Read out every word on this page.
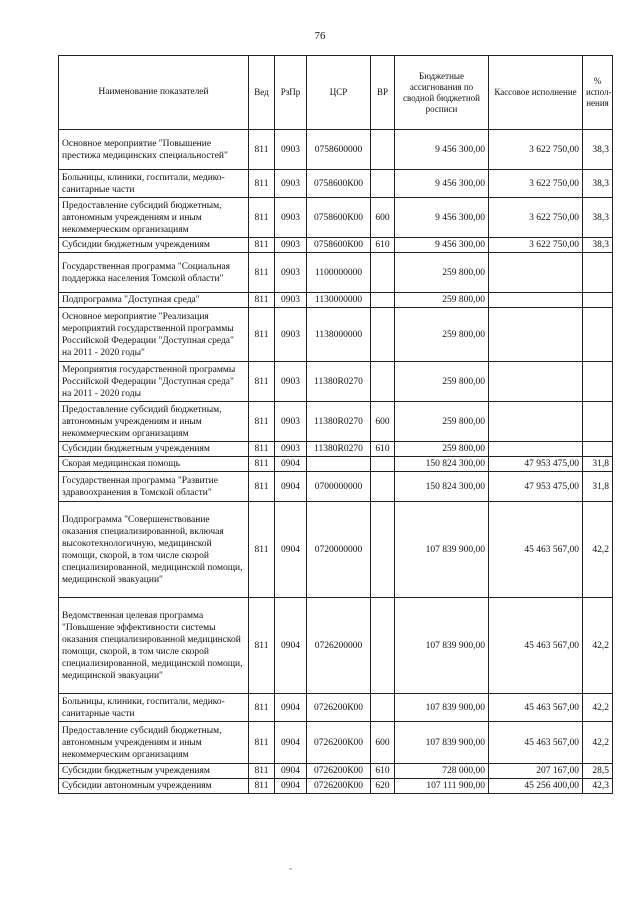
76
Наименование показателей	Вед	РзПр	ЦСР	ВР	Бюджетные ассигнования по сводной бюджетной росписи	Кассовое исполнение	% испол-нения
Основное мероприятие "Повышение престижа медицинских специальностей"	811	0903	0758600000		9 456 300,00	3 622 750,00	38,3
Больницы, клиники, госпитали, медико-санитарные части	811	0903	0758600К00		9 456 300,00	3 622 750,00	38,3
Предоставление субсидий бюджетным, автономным учреждениям и иным некоммерческим организациям	811	0903	0758600К00	600	9 456 300,00	3 622 750,00	38,3
Субсидии бюджетным учреждениям	811	0903	0758600К00	610	9 456 300,00	3 622 750,00	38,3
Государственная программа "Социальная поддержка населения Томской области"	811	0903	1100000000		259 800,00		
Подпрограмма "Доступная среда"	811	0903	1130000000		259 800,00		
Основное мероприятие "Реализация мероприятий государственной программы Российской Федерации "Доступная среда" на 2011 - 2020 годы"	811	0903	1138000000		259 800,00		
Мероприятия государственной программы Российской Федерации "Доступная среда" на 2011 - 2020 годы	811	0903	11380R0270		259 800,00		
Предоставление субсидий бюджетным, автономным учреждениям и иным некоммерческим организациям	811	0903	11380R0270	600	259 800,00		
Субсидии бюджетным учреждениям	811	0903	11380R0270	610	259 800,00		
Скорая медицинская помощь	811	0904			150 824 300,00	47 953 475,00	31,8
Государственная программа "Развитие здравоохранения в Томской области"	811	0904	0700000000		150 824 300,00	47 953 475,00	31,8
Подпрограмма "Совершенствование оказания специализированной, включая высокотехнологичную, медицинской помощи, скорой, в том числе скорой специализированной, медицинской помощи, медицинской эвакуации"	811	0904	0720000000		107 839 900,00	45 463 567,00	42,2
Ведомственная целевая программа "Повышение эффективности системы оказания специализированной медицинской помощи, скорой, в том числе скорой специализированной, медицинской помощи, медицинской эвакуации"	811	0904	0726200000		107 839 900,00	45 463 567,00	42,2
Больницы, клиники, госпитали, медико-санитарные части	811	0904	0726200К00		107 839 900,00	45 463 567,00	42,2
Предоставление субсидий бюджетным, автономным учреждениям и иным некоммерческим организациям	811	0904	0726200К00	600	107 839 900,00	45 463 567,00	42,2
Субсидии бюджетным учреждениям	811	0904	0726200К00	610	728 000,00	207 167,00	28,5
Субсидии автономным учреждениям	811	0904	0726200К00	620	107 111 900,00	45 256 400,00	42,3
